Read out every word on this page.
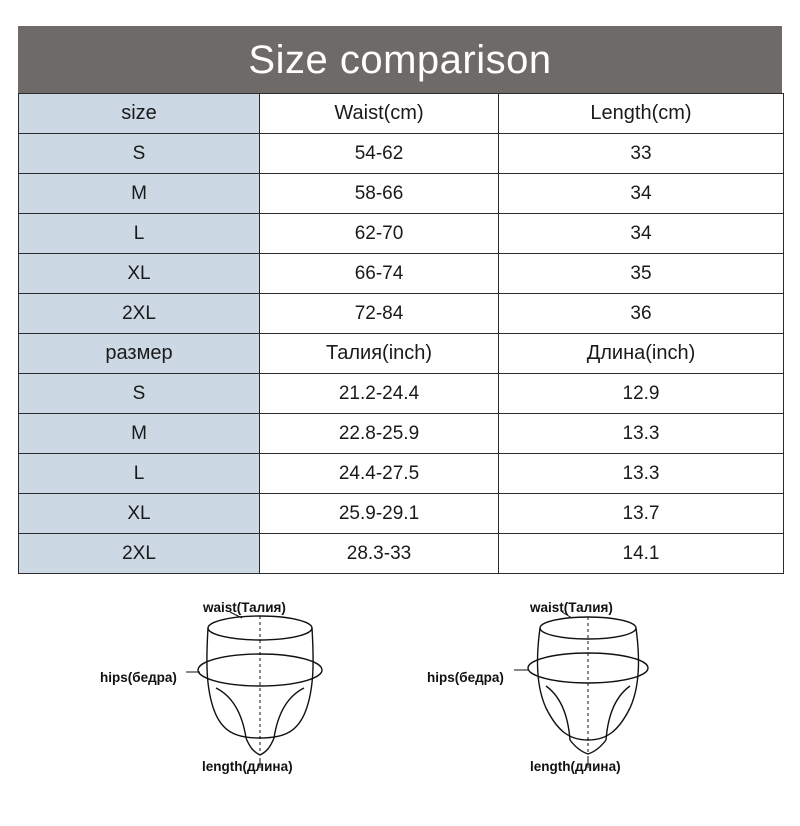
Size comparison
size	Waist(cm)	Length(cm)
S	54-62	33
M	58-66	34
L	62-70	34
XL	66-74	35
2XL	72-84	36
размер	Талия(inch)	Длина(inch)
S	21.2-24.4	12.9
M	22.8-25.9	13.3
L	24.4-27.5	13.3
XL	25.9-29.1	13.7
2XL	28.3-33	14.1
waist(Талия)
hips(бедра)
length(длина)
waist(Талия)
hips(бедра)
length(длина)
